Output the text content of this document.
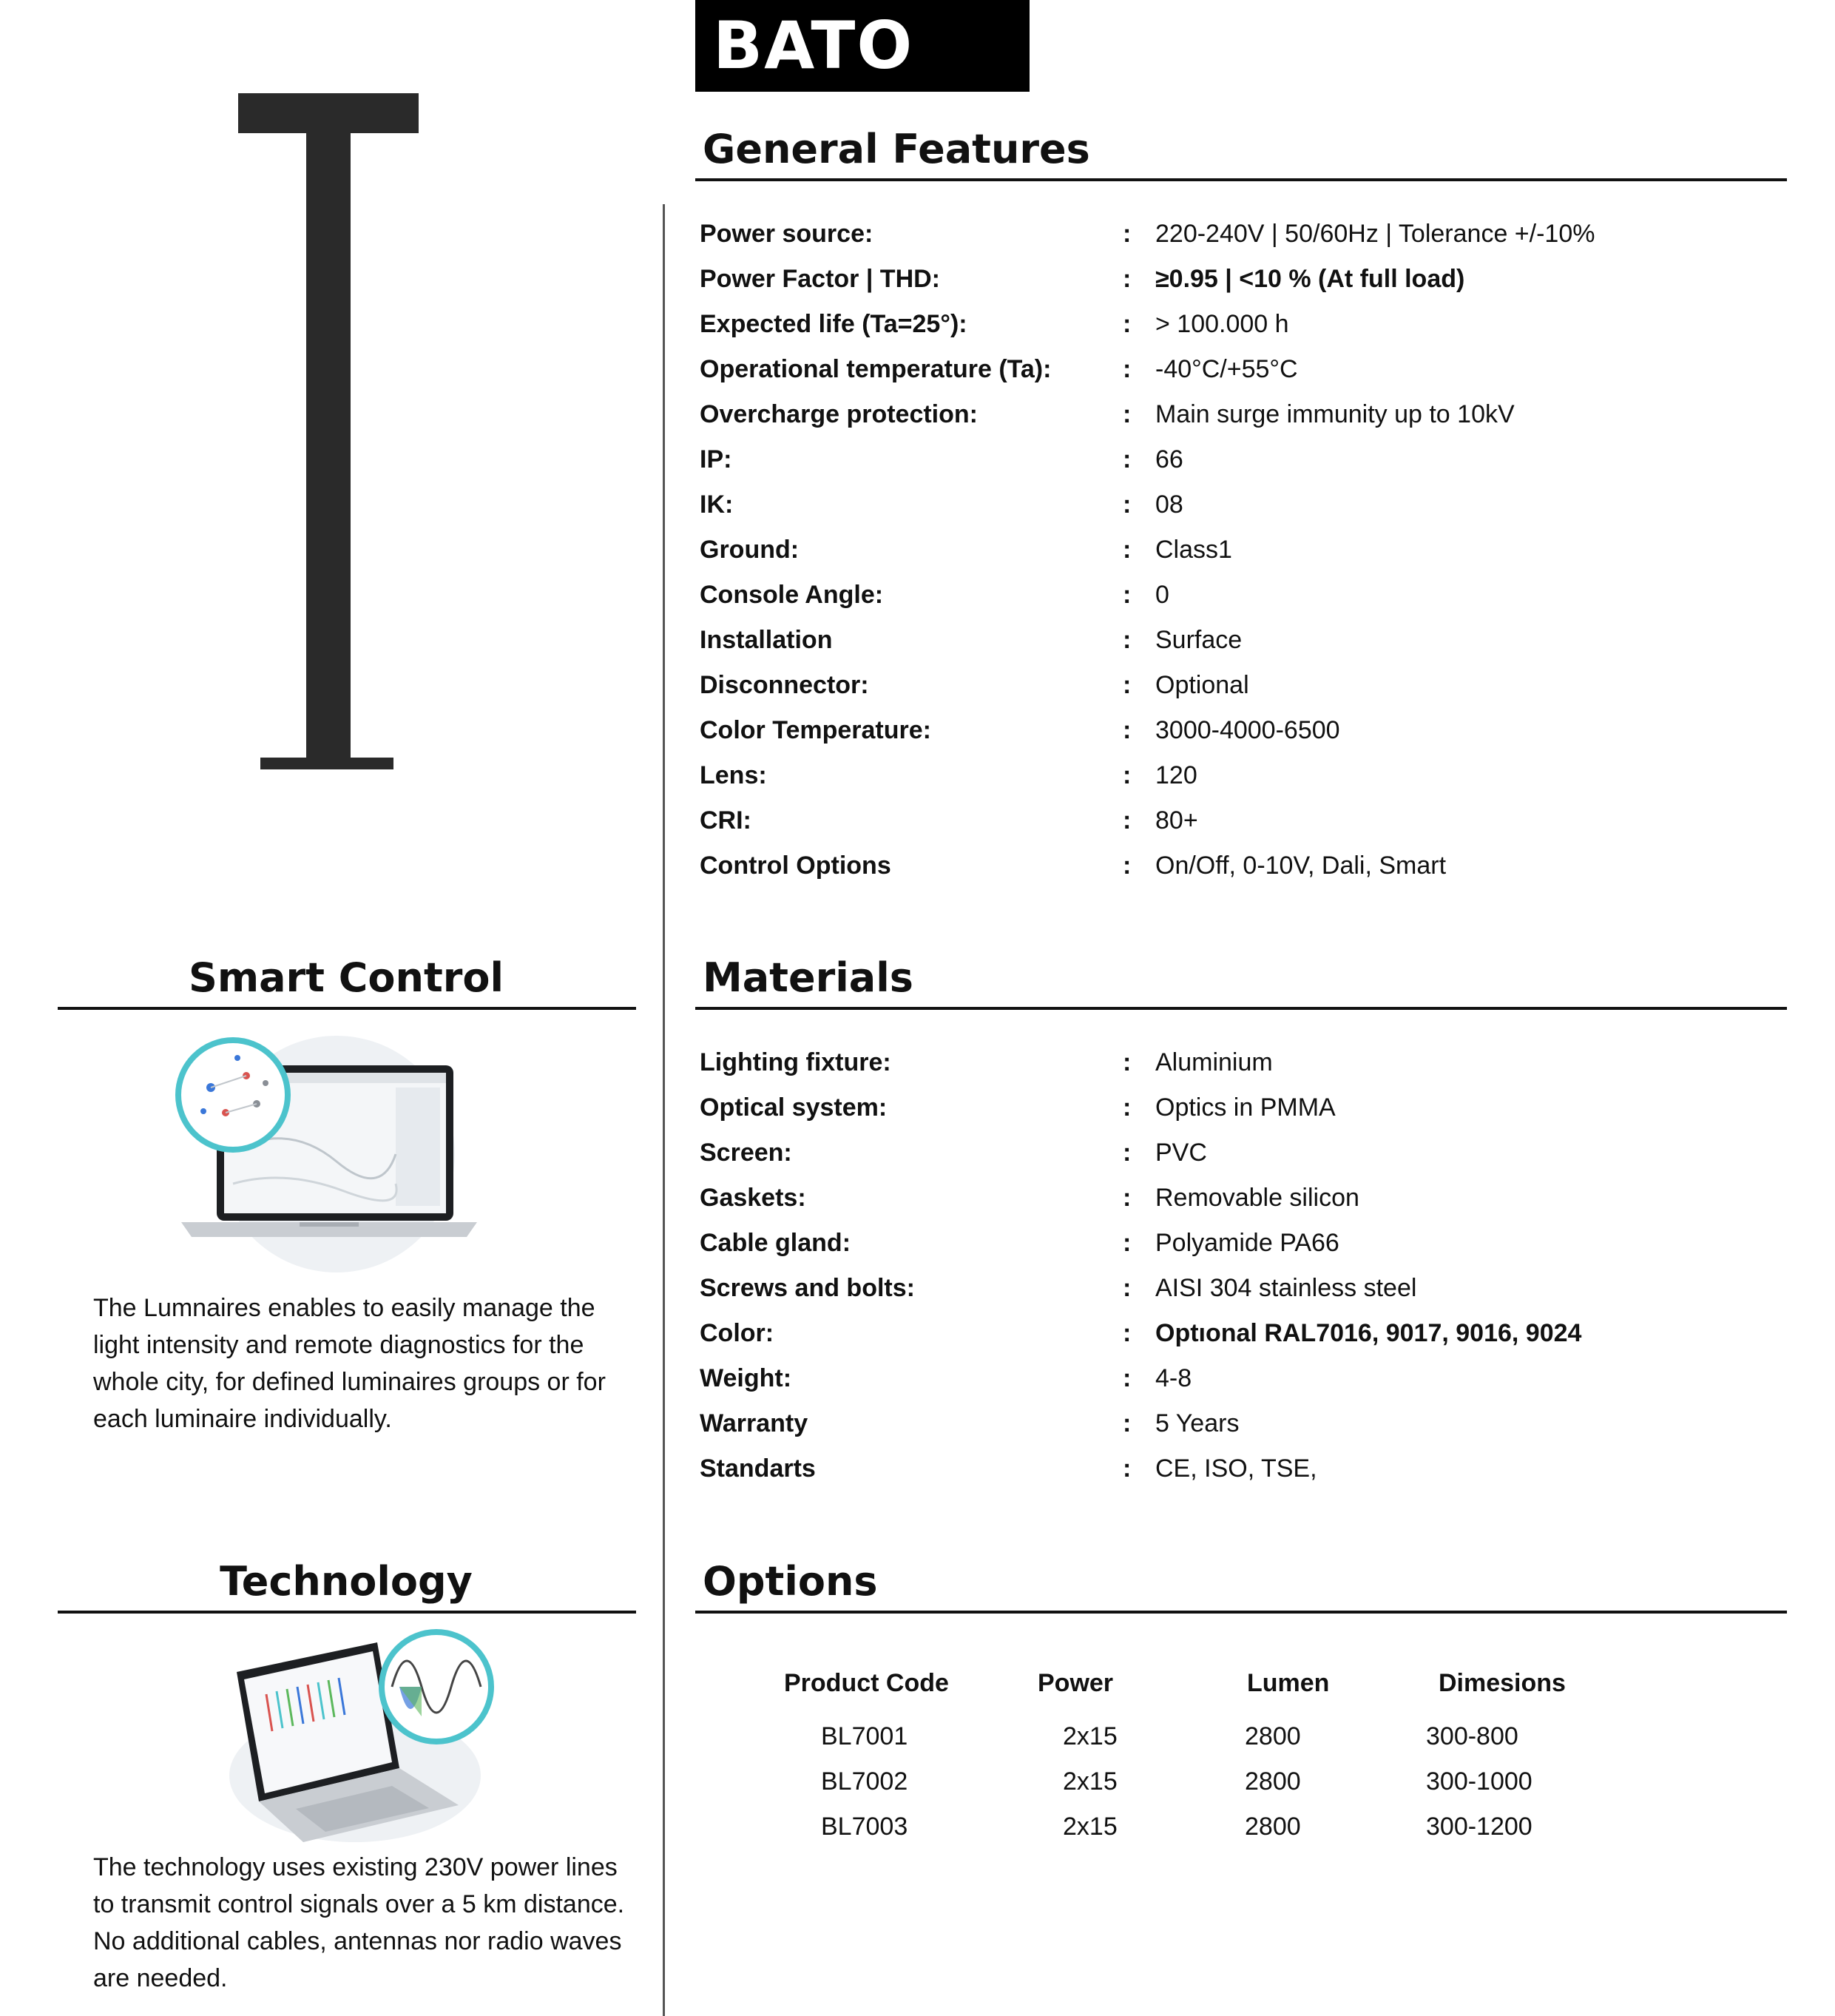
BATO
General Features
Power source:	: 220-240V | 50/60Hz | Tolerance +/-10%
Power Factor | THD:	: ≥0.95 | <10 % (At full load)
Expected life (Ta=25°):	: > 100.000 h
Operational temperature (Ta):	: -40°C/+55°C
Overcharge protection:	: Main surge immunity up to 10kV
IP:	: 66
IK:	: 08
Ground:	: Class1
Console Angle:	: 0
Installation	: Surface
Disconnector:	: Optional
Color Temperature:	: 3000-4000-6500
Lens:	: 120
CRI:	: 80+
Control Options	: On/Off, 0-10V, Dali, Smart
Materials
Lighting fixture:	: Aluminium
Optical system:	: Optics in PMMA
Screen:	: PVC
Gaskets:	: Removable silicon
Cable gland:	: Polyamide PA66
Screws and bolts:	: AISI 304 stainless steel
Color:	: Optıonal RAL7016, 9017, 9016, 9024
Weight:	: 4-8
Warranty	: 5 Years
Standarts	: CE, ISO, TSE,
Options
Product Code	Power	Lumen	Dimesions
BL7001	2x15	2800	300-800
BL7002	2x15	2800	300-1000
BL7003	2x15	2800	300-1200
Smart Control
The Lumnaires enables to easily manage the light intensity and remote diagnostics for the whole city, for defined luminaires groups or for each luminaire individually.
Technology
The technology uses existing 230V power lines to transmit control signals over a 5 km distance. No additional cables, antennas nor radio waves are needed.
